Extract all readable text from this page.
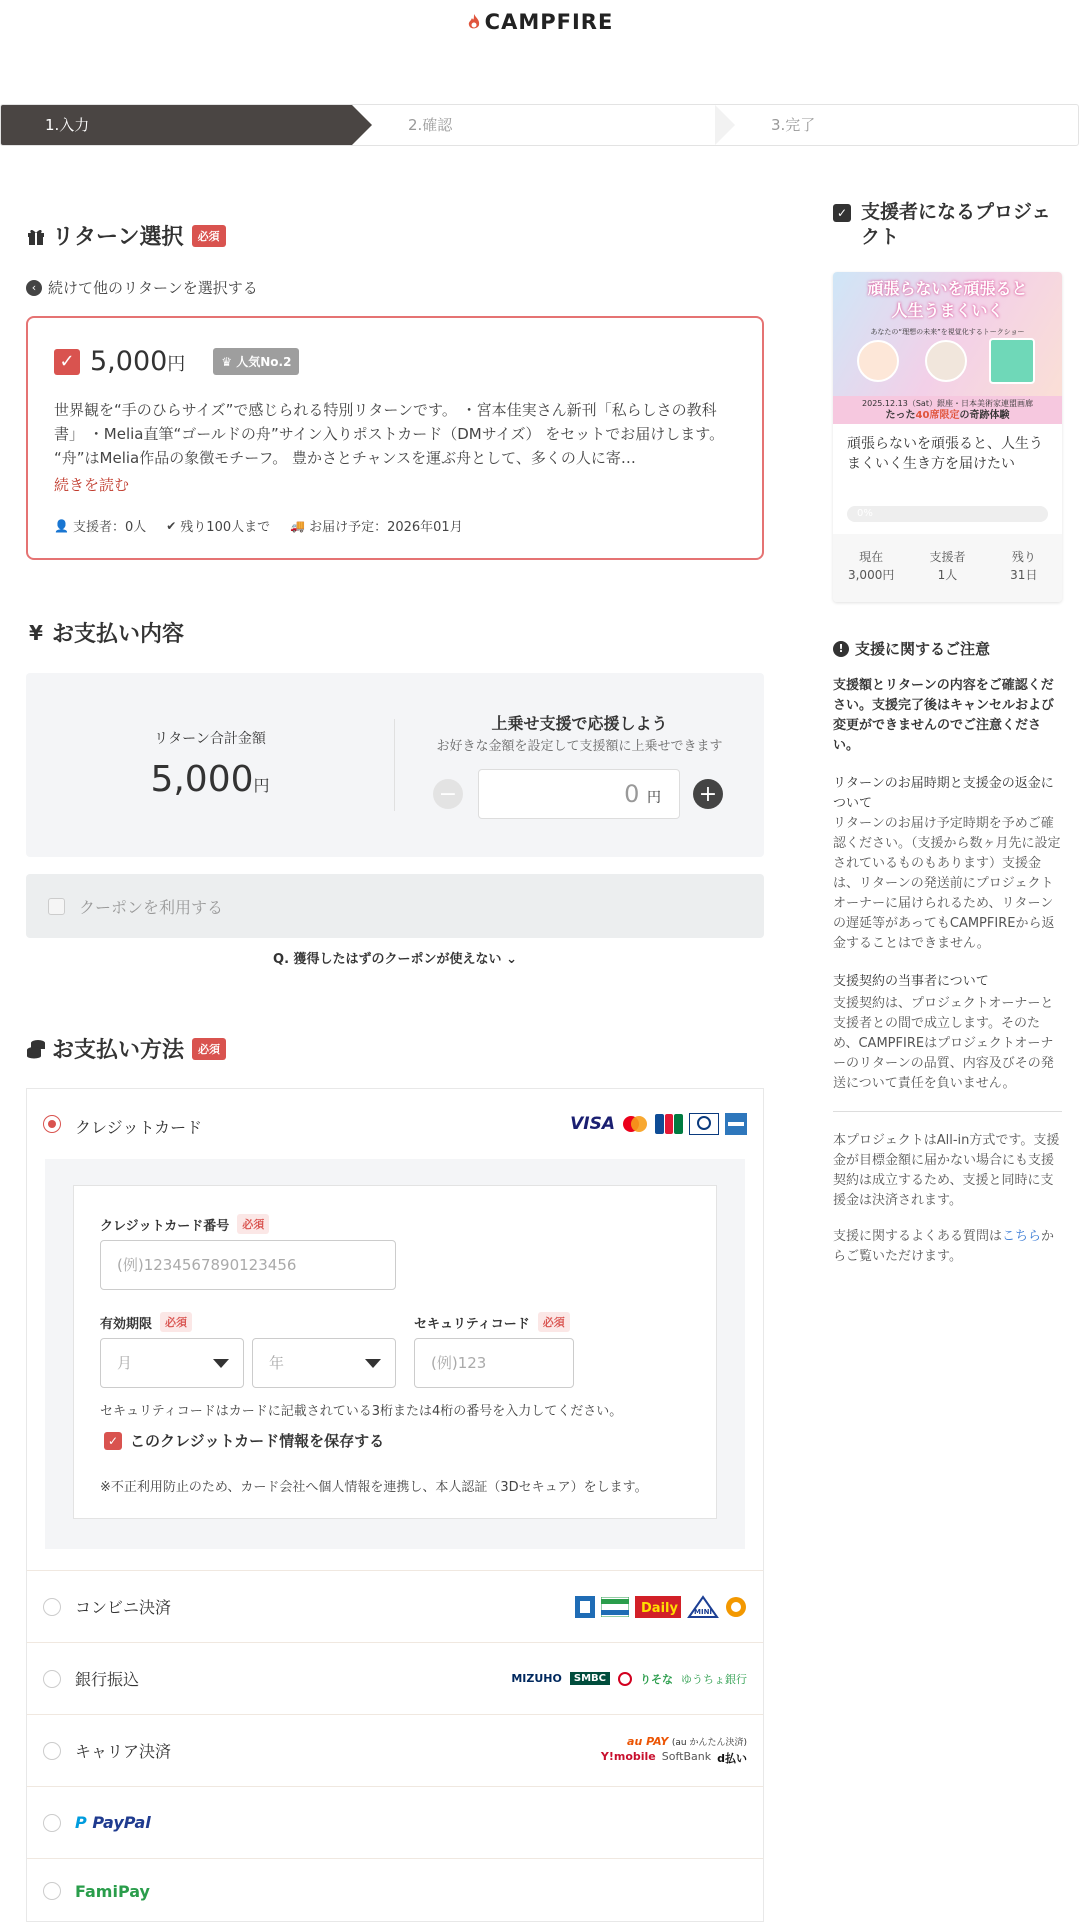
CAMPFIRE
1.入力	2.確認	3.完了
リターン選択	必須
‹ 続けて他のリターンを選択する
✓ 5,000円	♛ 人気No.2
世界観を“手のひらサイズ”で感じられる特別リターンです。 ・宮本佳実さん新刊「私らしさの教科書」 ・Melia直筆“ゴールドの舟”サイン入りポストカード（DMサイズ） をセットでお届けします。 “舟”はMelia作品の象徴モチーフ。 豊かさとチャンスを運ぶ舟として、多くの人に寄…
続きを読む
👤 支援者：0人 ✔ 残り100人まで 🚚 お届け予定：2026年01月
¥ お支払い内容
リターン合計金額
5,000円
上乗せ支援で応援しよう
お好きな金額を設定して支援額に上乗せできます
−	0 円	+
クーポンを利用する
Q. 獲得したはずのクーポンが使えない ⌄
お支払い方法	必須
クレジットカード	VISA
クレジットカード番号	必須
(例)1234567890123456
有効期限	必須
月	年
セキュリティコード	必須
(例)123
セキュリティコードはカードに記載されている3桁または4桁の番号を入力してください。
✓ このクレジットカード情報を保存する
※不正利用防止のため、カード会社へ個人情報を連携し、本人認証（3Dセキュア）をします。
コンビニ決済	Daily MINI
銀行振込	MIZUHO	SMBC	りそな ゆうちょ銀行
キャリア決済
au PAY (au かんたん決済)
Y!mobile SoftBank d払い
P PayPal
FamiPay
✓ 支援者になるプロジェクト
頑張らないを頑張ると
人生うまくいく
あなたの“理想の未来”を視覚化するトークショー
2025.12.13（Sat）銀座・日本美術家連盟画廊
たった40席限定の奇跡体験
頑張らないを頑張ると、人生うまくいく生き方を届けたい
0%
現在
3,000円
支援者
1人
残り
31日
! 支援に関するご注意
支援額とリターンの内容をご確認ください。支援完了後はキャンセルおよび変更ができませんのでご注意ください。
リターンのお届時期と支援金の返金について
リターンのお届け予定時期を予めご確認ください。（支援から数ヶ月先に設定されているものもあります）支援金は、リターンの発送前にプロジェクトオーナーに届けられるため、リターンの遅延等があってもCAMPFIREから返金することはできません。
支援契約の当事者について
支援契約は、プロジェクトオーナーと支援者との間で成立します。そのため、CAMPFIREはプロジェクトオーナーのリターンの品質、内容及びその発送について責任を負いません。
本プロジェクトはAll-in方式です。支援金が目標金額に届かない場合にも支援契約は成立するため、支援と同時に支援金は決済されます。
支援に関するよくある質問はこちらからご覧いただけます。
